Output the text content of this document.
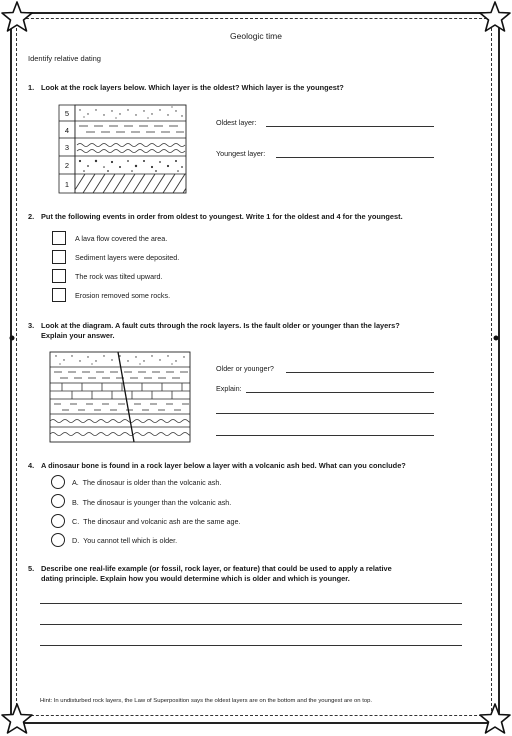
Geologic time
Identify relative dating
1. Look at the rock layers below. Which layer is the oldest? Which layer is the youngest?
5
4
3
2
1
Oldest layer:
Youngest layer:
2. Put the following events in order from oldest to youngest. Write 1 for the oldest and 4 for the youngest.
A lava flow covered the area.
Sediment layers were deposited.
The rock was tilted upward.
Erosion removed some rocks.
3. Look at the diagram. A fault cuts through the rock layers. Is the fault older or younger than the layers?
Explain your answer.
Older or younger?
Explain:
4. A dinosaur bone is found in a rock layer below a layer with a volcanic ash bed. What can you conclude?
A. The dinosaur is older than the volcanic ash.
B. The dinosaur is younger than the volcanic ash.
C. The dinosaur and volcanic ash are the same age.
D. You cannot tell which is older.
5. Describe one real-life example (or fossil, rock layer, or feature) that could be used to apply a relative
dating principle. Explain how you would determine which is older and which is younger.
Hint: In undisturbed rock layers, the Law of Superposition says the oldest layers are on the bottom and the youngest are on top.
